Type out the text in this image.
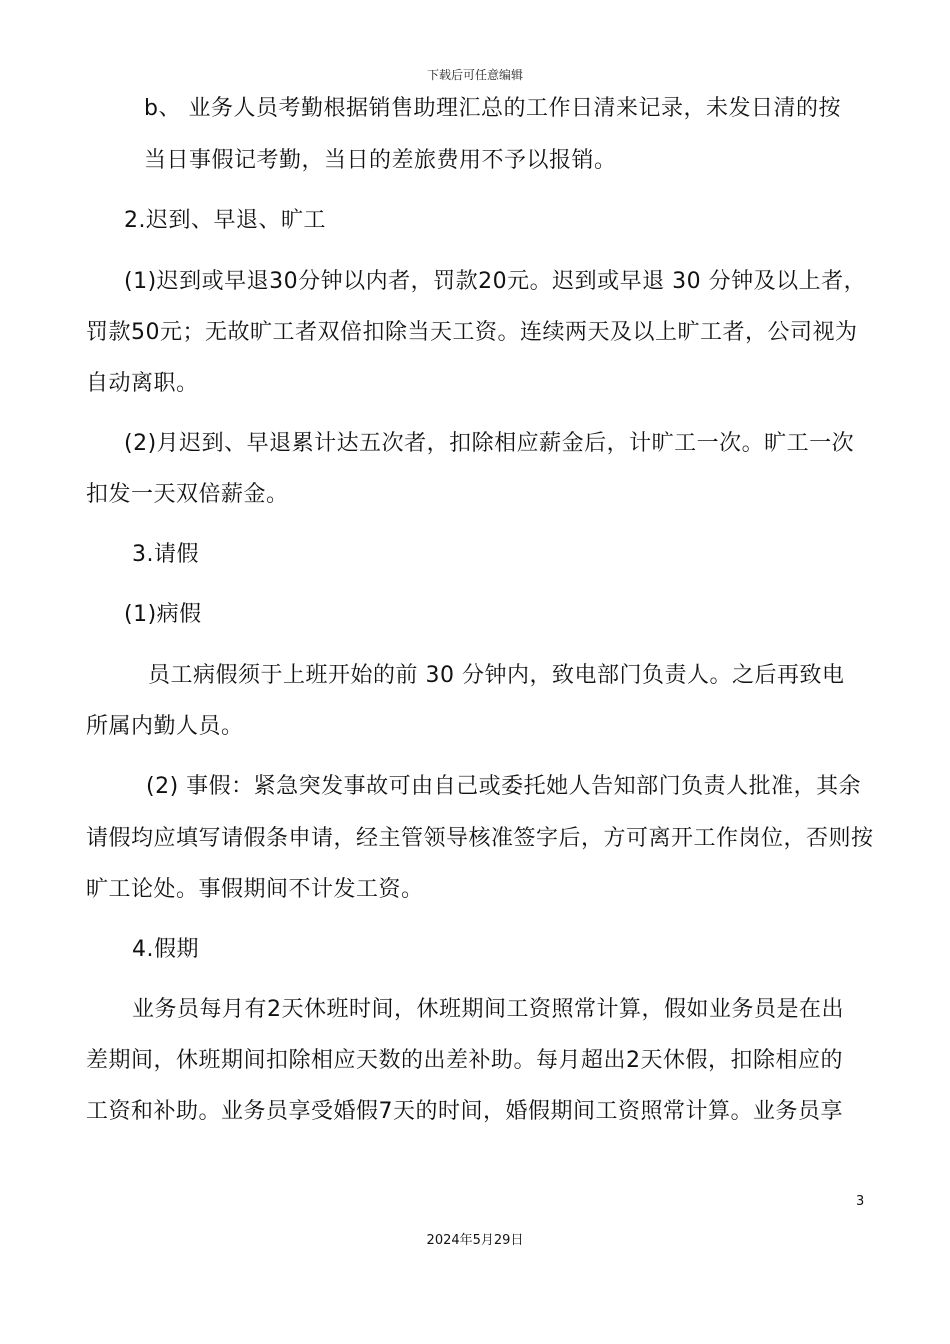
下载后可任意编辑
b、 业务人员考勤根据销售助理汇总的工作日清来记录，未发日清的按
当日事假记考勤，当日的差旅费用不予以报销。
2.迟到、早退、旷工
(1)迟到或早退30分钟以内者，罚款20元。迟到或早退 30 分钟及以上者，
罚款50元；无故旷工者双倍扣除当天工资。连续两天及以上旷工者，公司视为
自动离职。
(2)月迟到、早退累计达五次者，扣除相应薪金后，计旷工一次。旷工一次
扣发一天双倍薪金。
3.请假
(1)病假
员工病假须于上班开始的前 30 分钟内，致电部门负责人。之后再致电
所属内勤人员。
(2) 事假：紧急突发事故可由自己或委托她人告知部门负责人批准，其余
请假均应填写请假条申请，经主管领导核准签字后，方可离开工作岗位，否则按
旷工论处。事假期间不计发工资。
4.假期
业务员每月有2天休班时间，休班期间工资照常计算，假如业务员是在出
差期间，休班期间扣除相应天数的出差补助。每月超出2天休假，扣除相应的
工资和补助。业务员享受婚假7天的时间，婚假期间工资照常计算。业务员享
3
2024年5月29日
